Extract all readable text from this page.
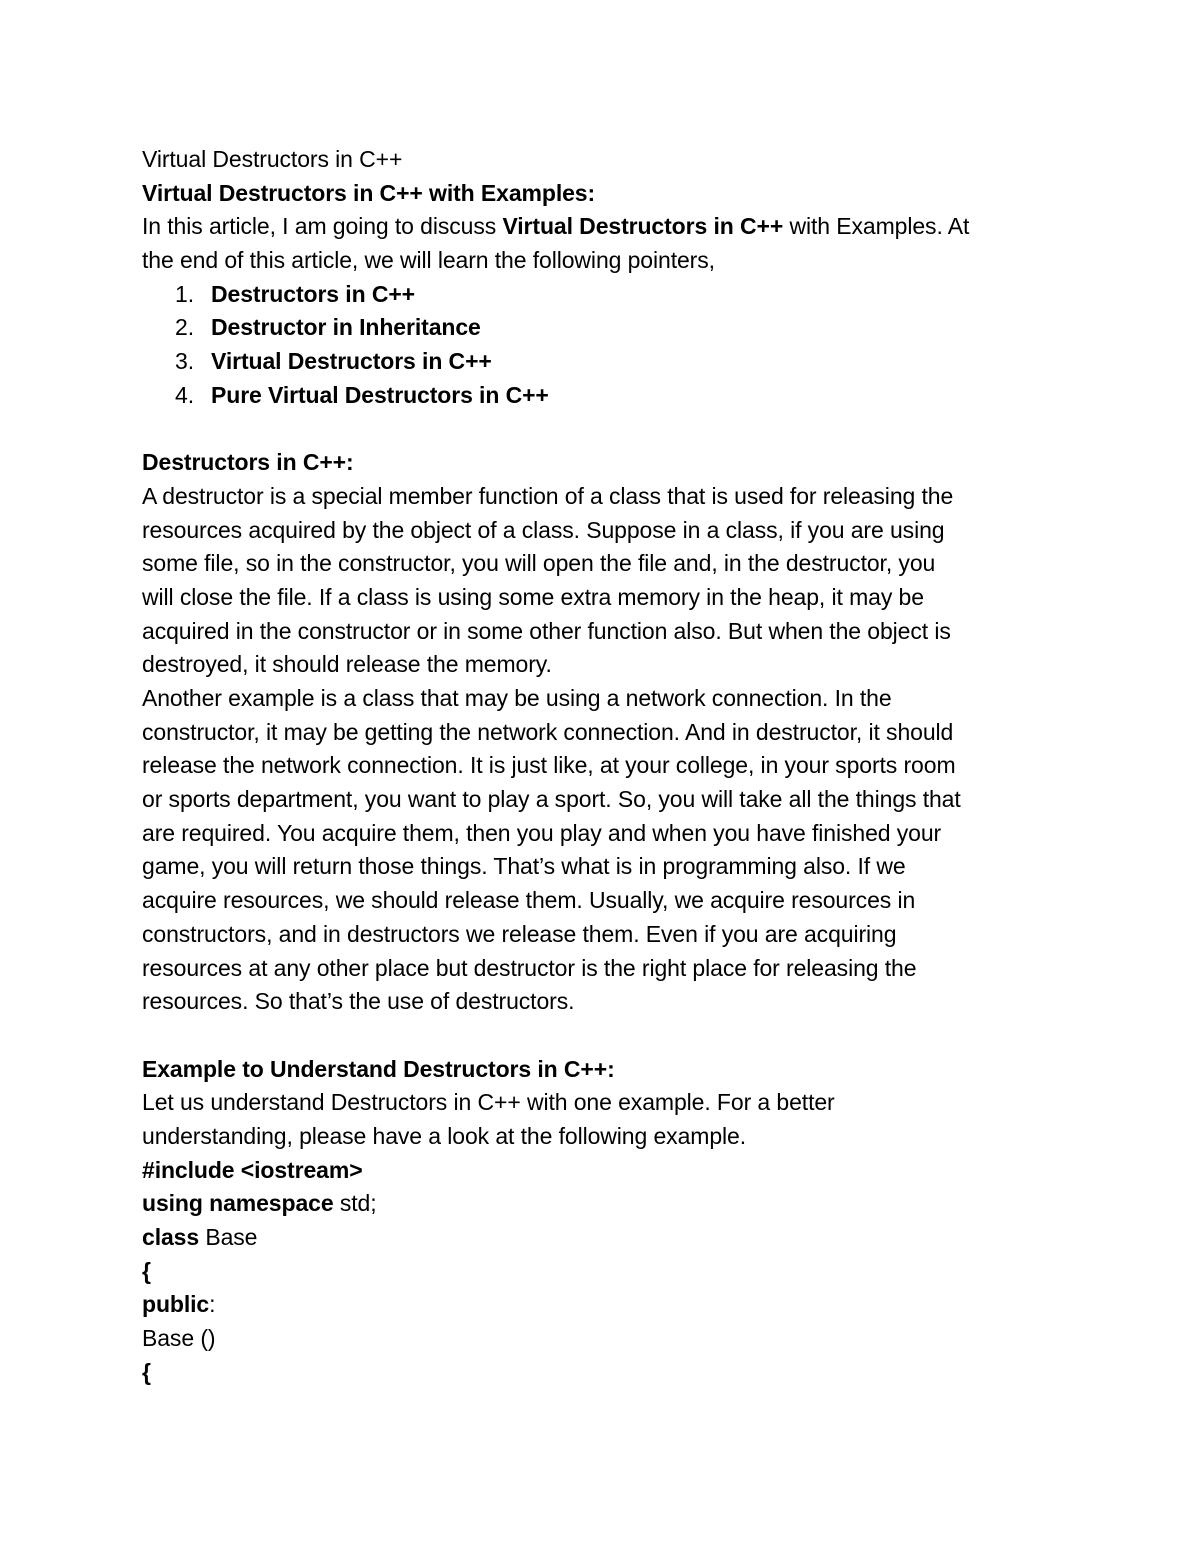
Virtual Destructors in C++
Virtual Destructors in C++ with Examples:
In this article, I am going to discuss Virtual Destructors in C++ with Examples. At
the end of this article, we will learn the following pointers,
1. Destructors in C++
2. Destructor in Inheritance
3. Virtual Destructors in C++
4. Pure Virtual Destructors in C++
Destructors in C++:
A destructor is a special member function of a class that is used for releasing the
resources acquired by the object of a class. Suppose in a class, if you are using
some file, so in the constructor, you will open the file and, in the destructor, you
will close the file. If a class is using some extra memory in the heap, it may be
acquired in the constructor or in some other function also. But when the object is
destroyed, it should release the memory.
Another example is a class that may be using a network connection. In the
constructor, it may be getting the network connection. And in destructor, it should
release the network connection. It is just like, at your college, in your sports room
or sports department, you want to play a sport. So, you will take all the things that
are required. You acquire them, then you play and when you have finished your
game, you will return those things. That’s what is in programming also. If we
acquire resources, we should release them. Usually, we acquire resources in
constructors, and in destructors we release them. Even if you are acquiring
resources at any other place but destructor is the right place for releasing the
resources. So that’s the use of destructors.
Example to Understand Destructors in C++:
Let us understand Destructors in C++ with one example. For a better
understanding, please have a look at the following example.
#include <iostream>
using namespace std;
class Base
{
public:
Base ()
{
